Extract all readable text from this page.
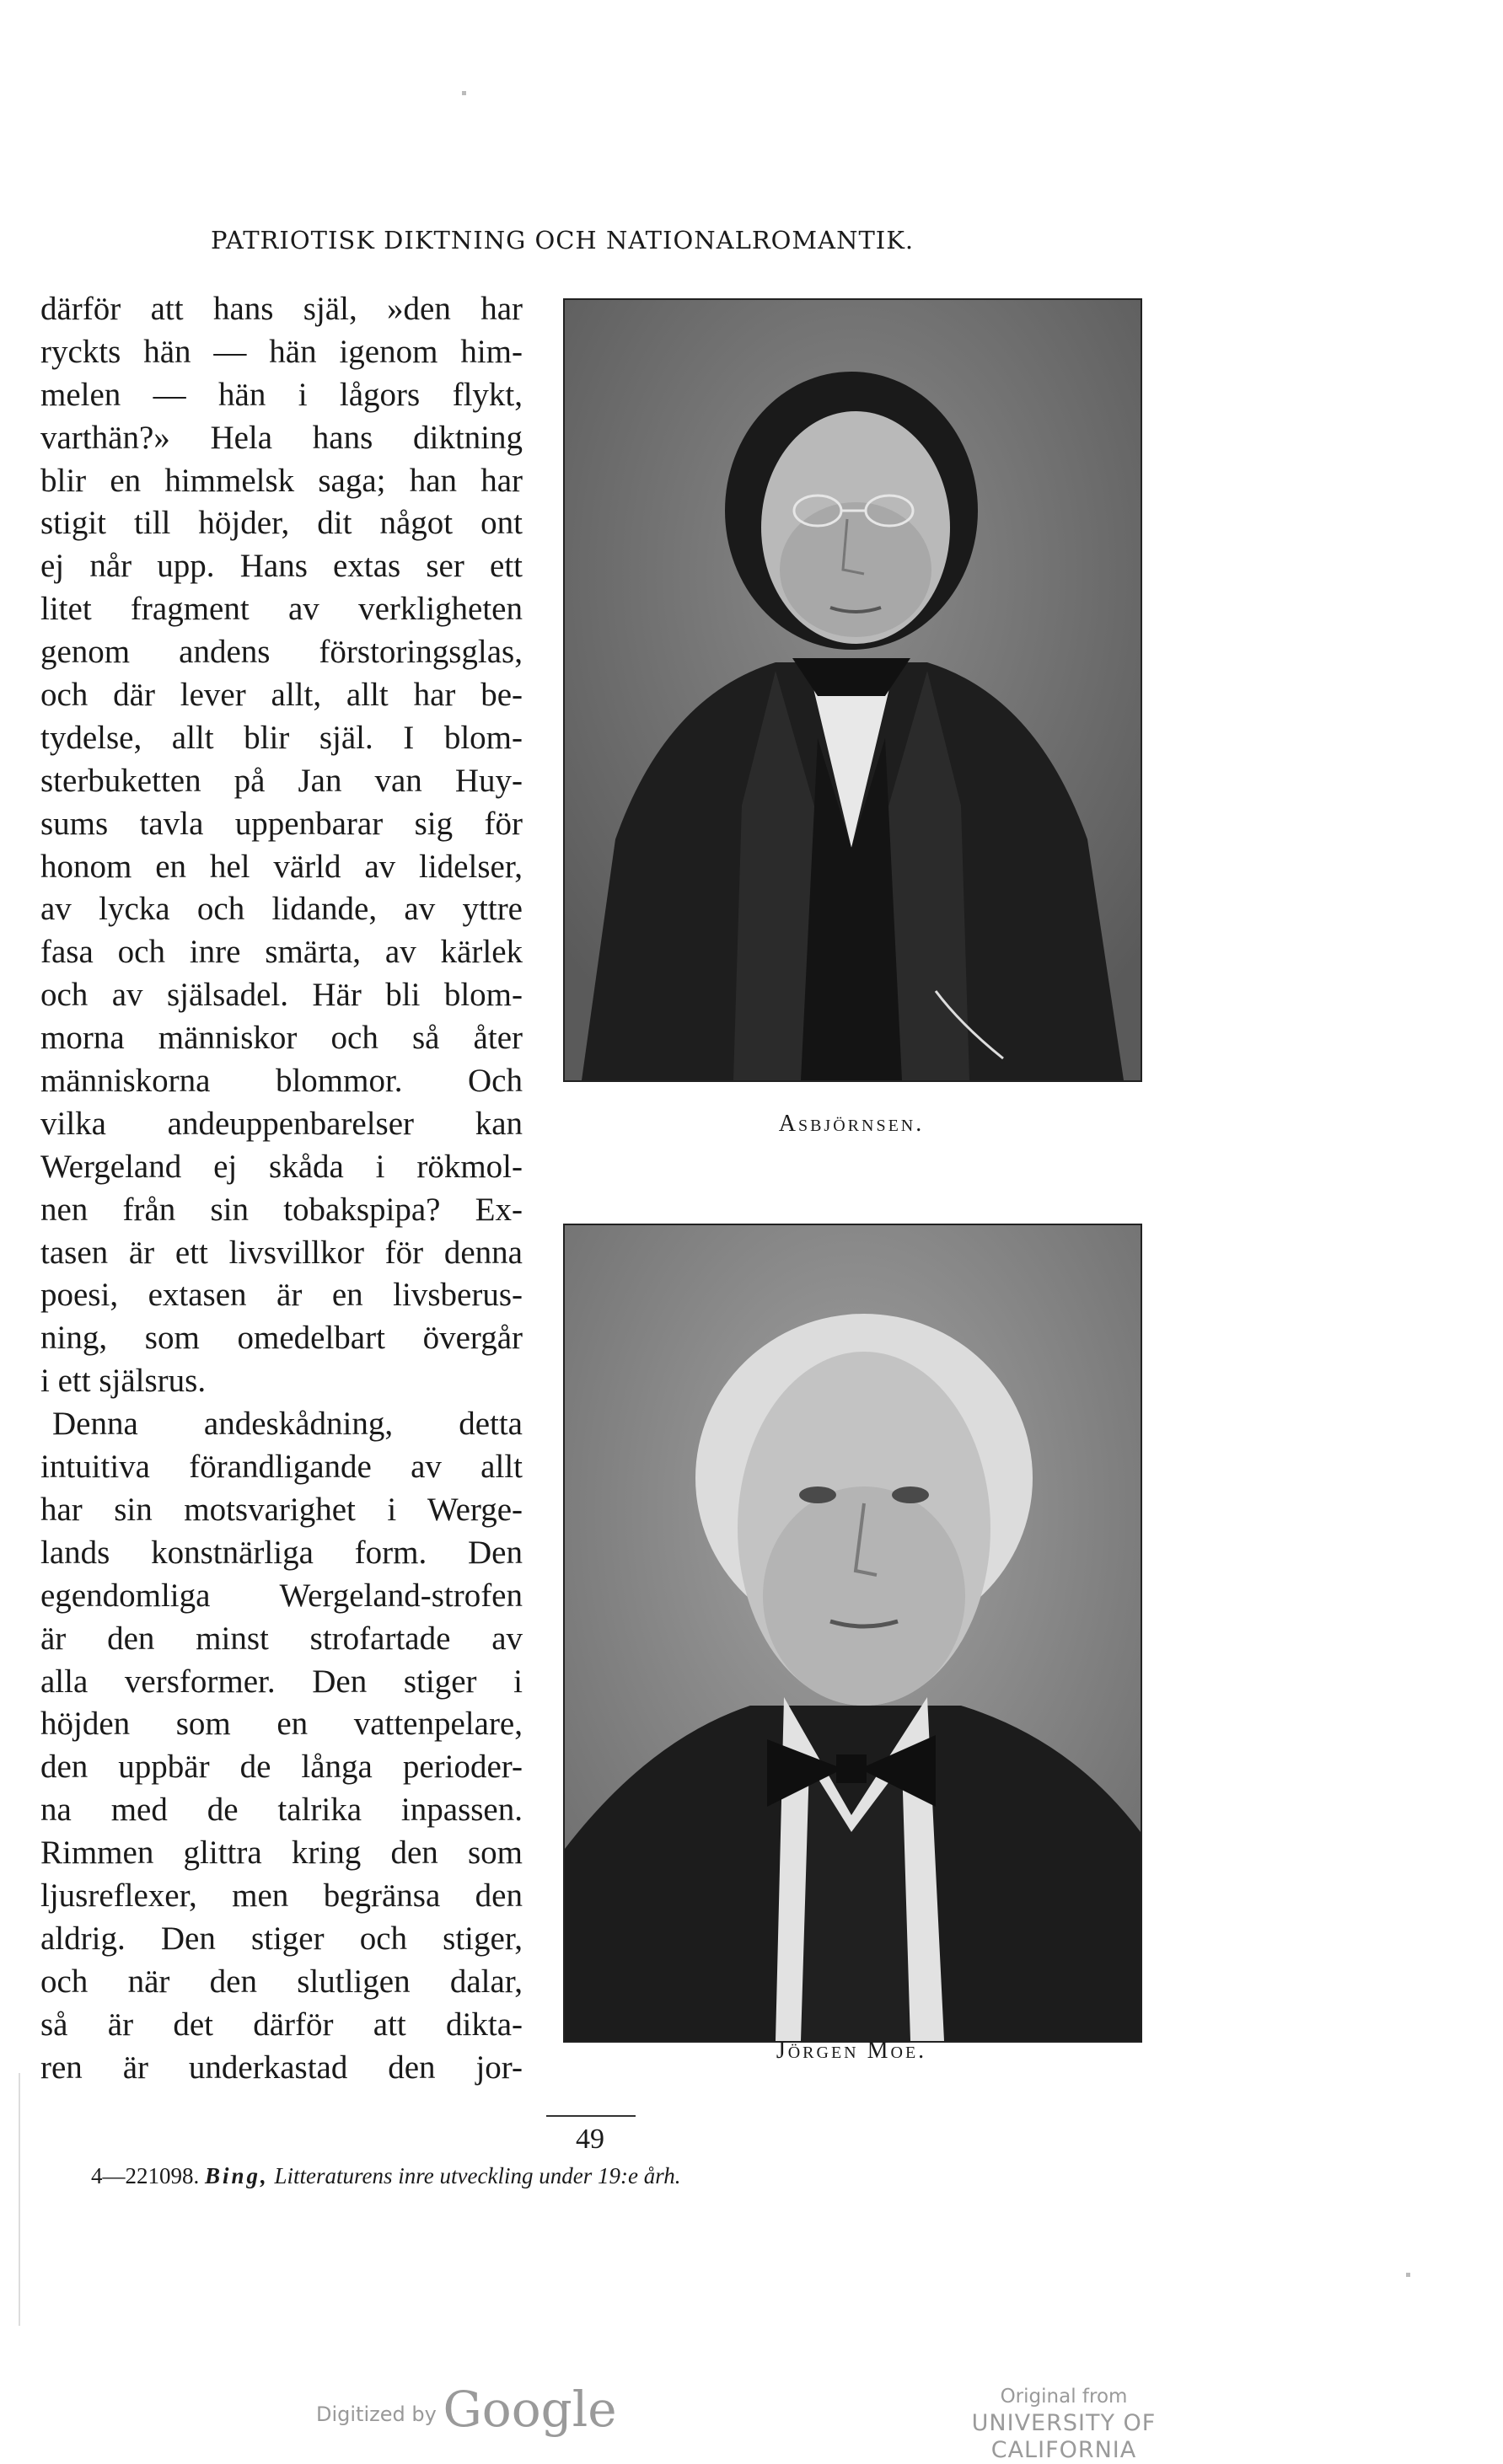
PATRIOTISK DIKTNING OCH NATIONALROMANTIK.
därför att hans själ, »den har
ryckts hän — hän igenom him-
melen — hän i lågors flykt,
varthän?» Hela hans diktning
blir en himmelsk saga; han har
stigit till höjder, dit något ont
ej når upp. Hans extas ser ett
litet fragment av verkligheten
genom andens förstoringsglas,
och där lever allt, allt har be-
tydelse, allt blir själ. I blom-
sterbuketten på Jan van Huy-
sums tavla uppenbarar sig för
honom en hel värld av lidelser,
av lycka och lidande, av yttre
fasa och inre smärta, av kärlek
och av själsadel. Här bli blom-
morna människor och så åter
människorna blommor. Och
vilka andeuppenbarelser kan
Wergeland ej skåda i rökmol-
nen från sin tobakspipa? Ex-
tasen är ett livsvillkor för denna
poesi, extasen är en livsberus-
ning, som omedelbart övergår
i ett själsrus.
Denna andeskådning, detta
intuitiva förandligande av allt
har sin motsvarighet i Werge-
lands konstnärliga form. Den
egendomliga Wergeland-strofen
är den minst strofartade av
alla versformer. Den stiger i
höjden som en vattenpelare,
den uppbär de långa perioder-
na med de talrika inpassen.
Rimmen glittra kring den som
ljusreflexer, men begränsa den
aldrig. Den stiger och stiger,
och när den slutligen dalar,
så är det därför att dikta-
ren är underkastad den jor-
Asbjörnsen.
Jörgen Moe.
49
4—221098. Bing, Litteraturens inre utveckling under 19:e årh.
Digitized by Google	Original from
UNIVERSITY OF CALIFORNIA
